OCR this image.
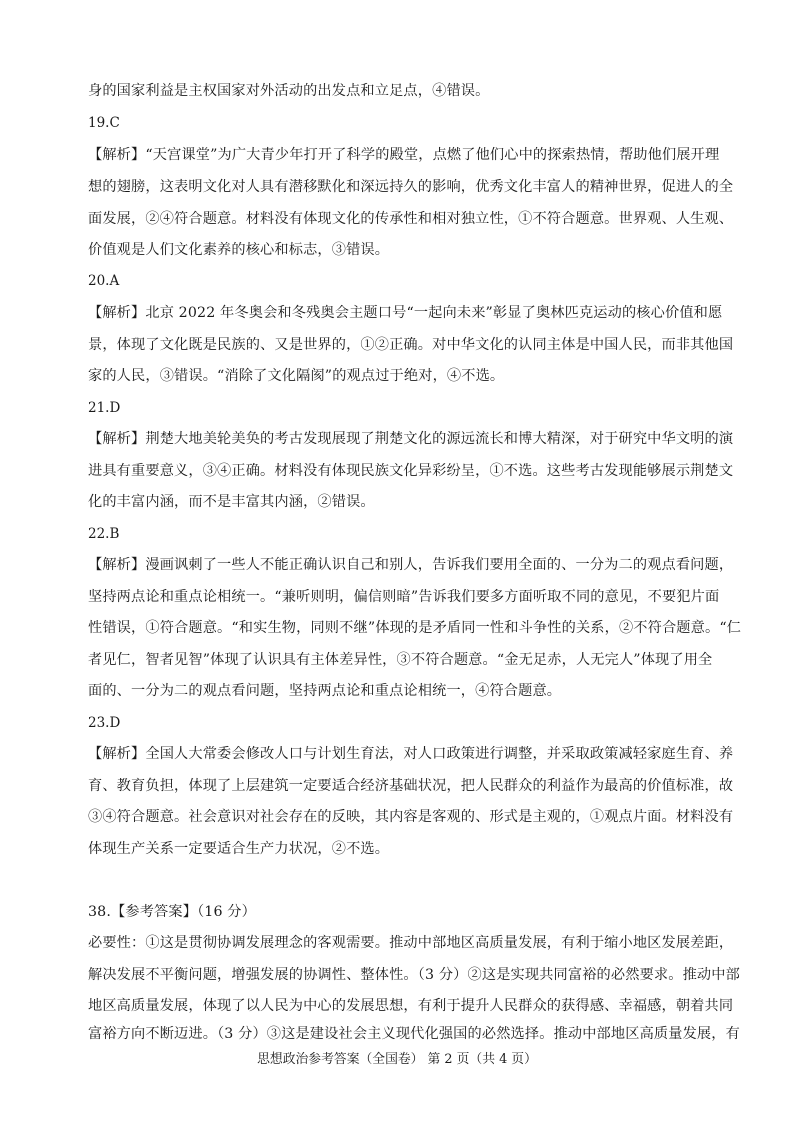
身的国家利益是主权国家对外活动的出发点和立足点，④错误。
19.C
【解析】“天宫课堂”为广大青少年打开了科学的殿堂，点燃了他们心中的探索热情，帮助他们展开理
想的翅膀，这表明文化对人具有潜移默化和深远持久的影响，优秀文化丰富人的精神世界，促进人的全
面发展，②④符合题意。材料没有体现文化的传承性和相对独立性，①不符合题意。世界观、人生观、
价值观是人们文化素养的核心和标志，③错误。
20.A
【解析】北京 2022 年冬奥会和冬残奥会主题口号“一起向未来”彰显了奥林匹克运动的核心价值和愿
景，体现了文化既是民族的、又是世界的，①②正确。对中华文化的认同主体是中国人民，而非其他国
家的人民，③错误。“消除了文化隔阂”的观点过于绝对，④不选。
21.D
【解析】荆楚大地美轮美奂的考古发现展现了荆楚文化的源远流长和博大精深，对于研究中华文明的演
进具有重要意义，③④正确。材料没有体现民族文化异彩纷呈，①不选。这些考古发现能够展示荆楚文
化的丰富内涵，而不是丰富其内涵，②错误。
22.B
【解析】漫画讽刺了一些人不能正确认识自己和别人，告诉我们要用全面的、一分为二的观点看问题，
坚持两点论和重点论相统一。“兼听则明，偏信则暗”告诉我们要多方面听取不同的意见，不要犯片面
性错误，①符合题意。“和实生物，同则不继”体现的是矛盾同一性和斗争性的关系，②不符合题意。“仁
者见仁，智者见智”体现了认识具有主体差异性，③不符合题意。“金无足赤，人无完人”体现了用全
面的、一分为二的观点看问题，坚持两点论和重点论相统一，④符合题意。
23.D
【解析】全国人大常委会修改人口与计划生育法，对人口政策进行调整，并采取政策减轻家庭生育、养
育、教育负担，体现了上层建筑一定要适合经济基础状况，把人民群众的利益作为最高的价值标准，故
③④符合题意。社会意识对社会存在的反映，其内容是客观的、形式是主观的，①观点片面。材料没有
体现生产关系一定要适合生产力状况，②不选。
38.【参考答案】（16 分）
必要性：①这是贯彻协调发展理念的客观需要。推动中部地区高质量发展，有利于缩小地区发展差距，
解决发展不平衡问题，增强发展的协调性、整体性。（3 分）②这是实现共同富裕的必然要求。推动中部
地区高质量发展，体现了以人民为中心的发展思想，有利于提升人民群众的获得感、幸福感，朝着共同
富裕方向不断迈进。（3 分）③这是建设社会主义现代化强国的必然选择。推动中部地区高质量发展，有
思想政治参考答案（全国卷） 第 2 页（共 4 页）
